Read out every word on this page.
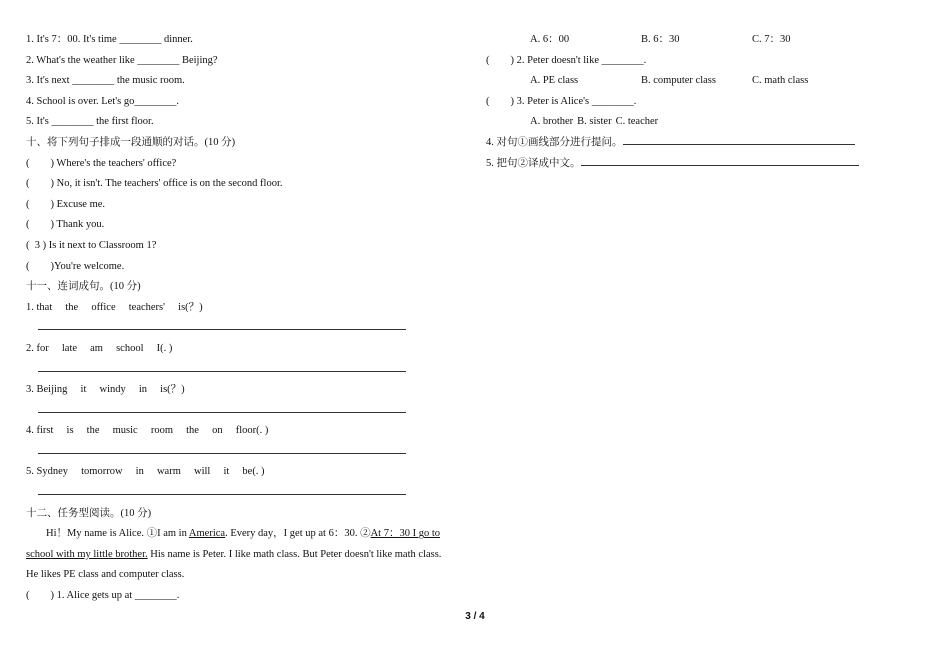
1. It's 7：00. It's time ________ dinner.
2. What's the weather like ________ Beijing?
3. It's next ________ the music room.
4. School is over. Let's go________.
5. It's ________ the first floor.
十、将下列句子排成一段通顺的对话。(10 分)
(        ) Where's the teachers' office?
(        ) No, it isn't. The teachers' office is on the second floor.
(        ) Excuse me.
(        ) Thank you.
(  3 ) Is it next to Classroom 1?
(        )You're welcome.
十一、连词成句。(10 分)
1. that     the     office     teachers'     is(？)
2. for     late     am     school     I(. )
3. Beijing     it     windy     in     is(？)
4. first     is     the     music     room     the     on     floor(. )
5. Sydney     tomorrow     in     warm     will     it     be(. )
十二、任务型阅读。(10 分)
Hi！My name is Alice. ①I am in America. Every day，I get up at 6：30. ②At 7：30 I go to
school with my little brother. His name is Peter. I like math class. But Peter doesn't like math class.
He likes PE class and computer class.
(        ) 1. Alice gets up at ________.
A. 6：00	B. 6：30	C. 7：30
(        ) 2. Peter doesn't like ________.
A. PE class	B. computer class	C. math class
(        ) 3. Peter is Alice's ________.
A. brother B. sister C. teacher
4. 对句①画线部分进行提问。
5. 把句②译成中文。
3 / 4
